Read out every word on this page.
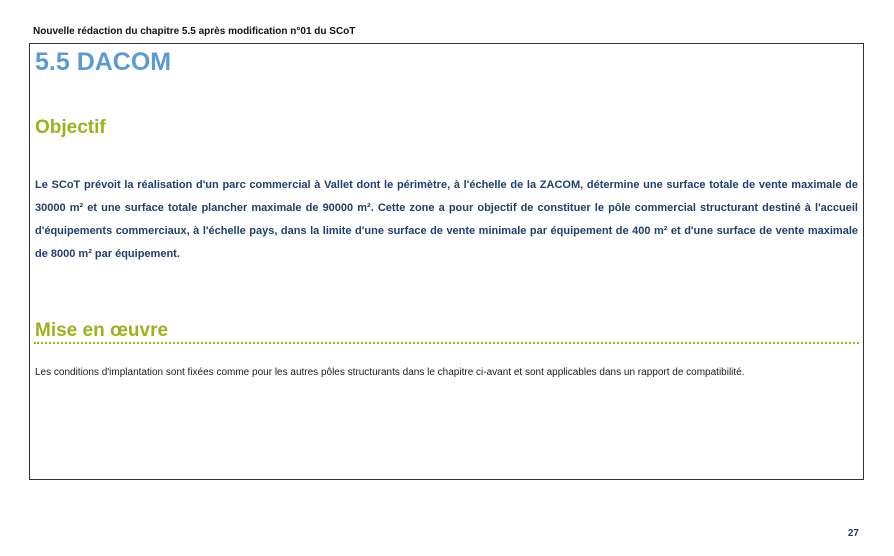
Nouvelle rédaction du chapitre 5.5 après modification n°01 du SCoT
5.5 DACOM
Objectif
Le SCoT prévoit la réalisation d'un parc commercial à Vallet dont le périmètre, à l'échelle de la ZACOM, détermine une surface totale de vente maximale de 30000 m² et une surface totale plancher maximale de 90000 m². Cette zone a pour objectif de constituer le pôle commercial structurant destiné à l'accueil d'équipements commerciaux, à l'échelle pays, dans la limite d'une surface de vente minimale par équipement de 400 m² et d'une surface de vente maximale de 8000 m² par équipement.
Mise en œuvre
Les conditions d'implantation sont fixées comme pour les autres pôles structurants dans le chapitre ci-avant et sont applicables dans un rapport de compatibilité.
27
